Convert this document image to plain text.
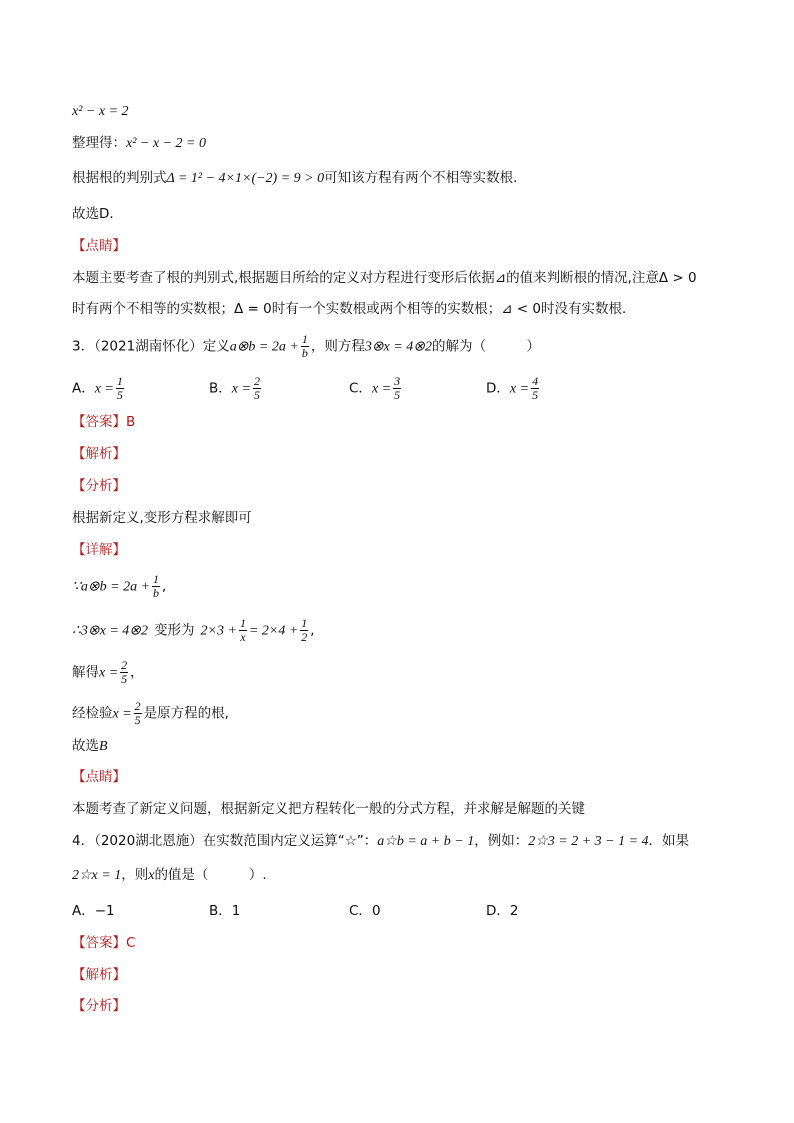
x² − x = 2
整理得：x² − x − 2 = 0
根据根的判别式Δ = 1² − 4×1×(−2) = 9 > 0可知该方程有两个不相等实数根．
故选D．
【点睛】
本题主要考查了根的判别式,根据题目所给的定义对方程进行变形后依据⊿的值来判断根的情况,注意Δ > 0
时有两个不相等的实数根；Δ = 0时有一个实数根或两个相等的实数根；⊿ < 0时没有实数根．
3．（2021湖南怀化）定义a⊗b = $2a + \frac{1}{b}$ ，则方程3⊗x = 4⊗2的解为（　　　）
A．$x = \frac{1}{5}$	B．$x = \frac{2}{5}$	C．$x = \frac{3}{5}$	D．$x = \frac{4}{5}$
【答案】B
【解析】
【分析】
根据新定义,变形方程求解即可
【详解】
∵a⊗b = $2a + \frac{1}{b}$ ,
∴3⊗x = 4⊗2 变形为 $2\times 3 + \frac{1}{x} = 2\times 4 + \frac{1}{2}$ ,
解得$x = \frac{2}{5}$ ，
经检验$x = \frac{2}{5}$ 是原方程的根,
故选B
【点睛】
本题考查了新定义问题，根据新定义把方程转化一般的分式方程，并求解是解题的关键
4．（2020湖北恩施）在实数范围内定义运算“☆”：a☆b = a + b − 1，例如：2☆3 = 2 + 3 − 1 = 4．如果
2☆x = 1，则x的值是（　　　）.
A．−1	B．1	C．0	D．2
【答案】C
【解析】
【分析】
